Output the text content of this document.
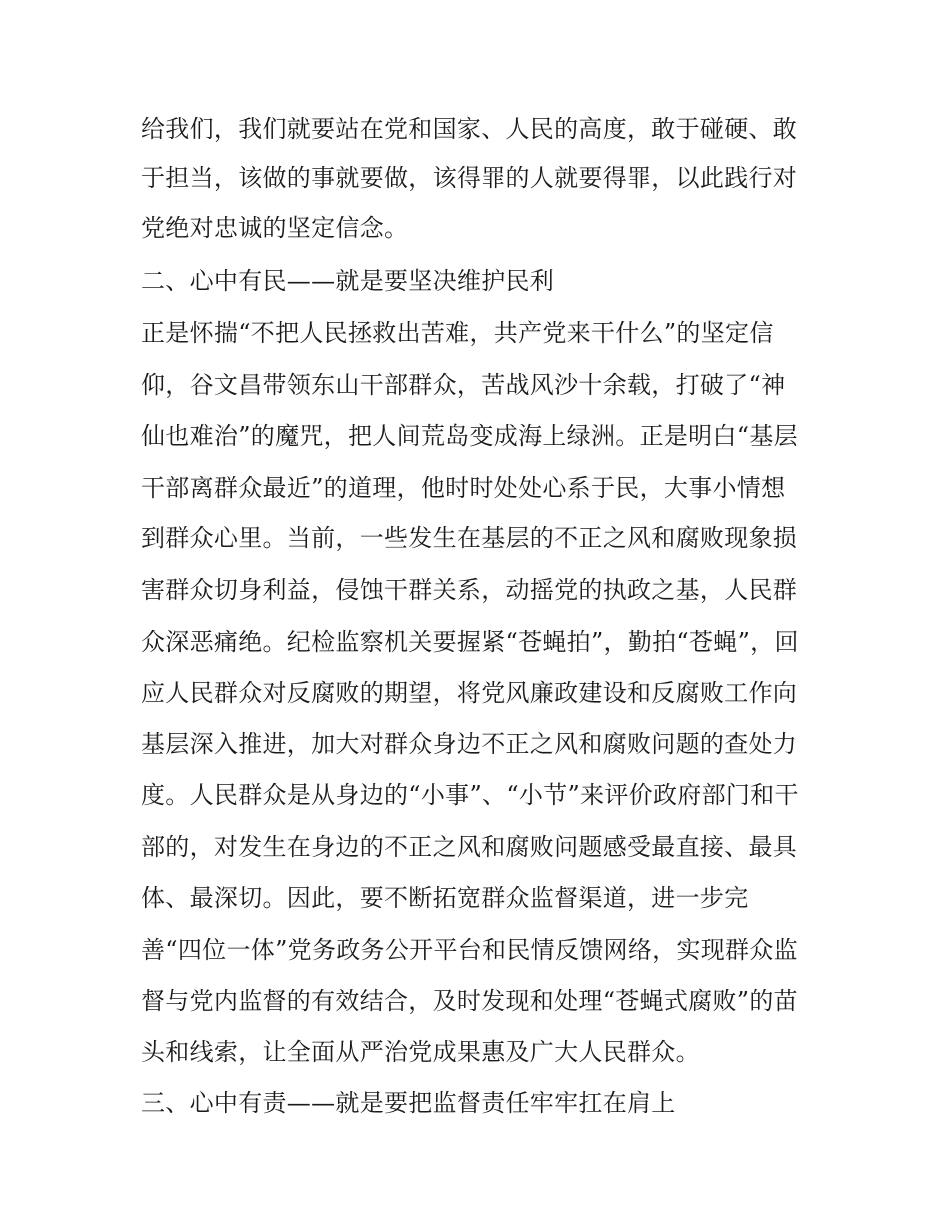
给我们，我们就要站在党和国家、人民的高度，敢于碰硬、敢
于担当，该做的事就要做，该得罪的人就要得罪，以此践行对
党绝对忠诚的坚定信念。
二、心中有民——就是要坚决维护民利
正是怀揣“不把人民拯救出苦难，共产党来干什么”的坚定信
仰，谷文昌带领东山干部群众，苦战风沙十余载，打破了“神
仙也难治”的魔咒，把人间荒岛变成海上绿洲。正是明白“基层
干部离群众最近”的道理，他时时处处心系于民，大事小情想
到群众心里。当前，一些发生在基层的不正之风和腐败现象损
害群众切身利益，侵蚀干群关系，动摇党的执政之基，人民群
众深恶痛绝。纪检监察机关要握紧“苍蝇拍”，勤拍“苍蝇”，回
应人民群众对反腐败的期望，将党风廉政建设和反腐败工作向
基层深入推进，加大对群众身边不正之风和腐败问题的查处力
度。人民群众是从身边的“小事”、“小节”来评价政府部门和干
部的，对发生在身边的不正之风和腐败问题感受最直接、最具
体、最深切。因此，要不断拓宽群众监督渠道，进一步完
善“四位一体”党务政务公开平台和民情反馈网络，实现群众监
督与党内监督的有效结合，及时发现和处理“苍蝇式腐败”的苗
头和线索，让全面从严治党成果惠及广大人民群众。
三、心中有责——就是要把监督责任牢牢扛在肩上
